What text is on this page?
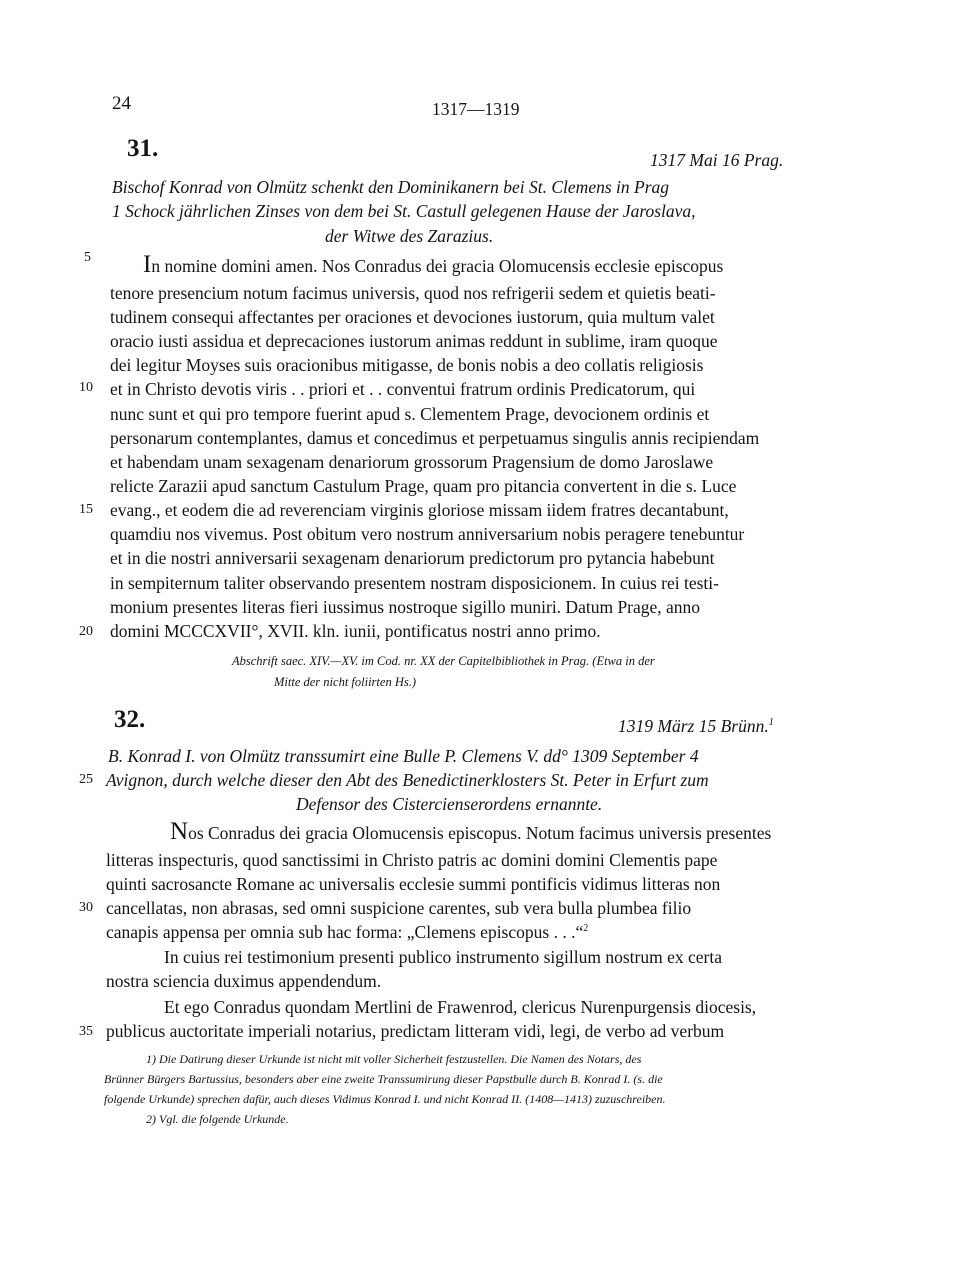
24	1317—1319
31.	1317 Mai 16 Prag.
Bischof Konrad von Olmütz schenkt den Dominikanern bei St. Clemens in Prag
1 Schock jährlichen Zinses von dem bei St. Castull gelegenen Hause der Jaroslava,
der Witwe des Zarazius.
In nomine domini amen. Nos Conradus dei gracia Olomucensis ecclesie episcopus
tenore presencium notum facimus universis, quod nos refrigerii sedem et quietis beati-
tudinem consequi affectantes per oraciones et devociones iustorum, quia multum valet
oracio iusti assidua et deprecaciones iustorum animas reddunt in sublime, iram quoque
dei legitur Moyses suis oracionibus mitigasse, de bonis nobis a deo collatis religiosis
et in Christo devotis viris . . priori et . . conventui fratrum ordinis Predicatorum, qui
nunc sunt et qui pro tempore fuerint apud s. Clementem Prage, devocionem ordinis et
personarum contemplantes, damus et concedimus et perpetuamus singulis annis recipiendam
et habendam unam sexagenam denariorum grossorum Pragensium de domo Jaroslawe
relicte Zarazii apud sanctum Castulum Prage, quam pro pitancia convertent in die s. Luce
evang., et eodem die ad reverenciam virginis gloriose missam iidem fratres decantabunt,
quamdiu nos vivemus. Post obitum vero nostrum anniversarium nobis peragere tenebuntur
et in die nostri anniversarii sexagenam denariorum predictorum pro pytancia habebunt
in sempiternum taliter observando presentem nostram disposicionem. In cuius rei testi-
monium presentes literas fieri iussimus nostroque sigillo muniri. Datum Prage, anno
domini MCCCXVII°, XVII. kln. iunii, pontificatus nostri anno primo.
Abschrift saec. XIV.—XV. im Cod. nr. XX der Capitelbibliothek in Prag. (Etwa in der
Mitte der nicht foliirten Hs.)
32.	1319 März 15 Brünn.$^1$
B. Konrad I. von Olmütz transsumirt eine Bulle P. Clemens V. dd° 1309 September 4
Avignon, durch welche dieser den Abt des Benedictinerklosters St. Peter in Erfurt zum
Defensor des Cistercienserordens ernannte.
Nos Conradus dei gracia Olomucensis episcopus. Notum facimus universis presentes
litteras inspecturis, quod sanctissimi in Christo patris ac domini domini Clementis pape
quinti sacrosancte Romane ac universalis ecclesie summi pontificis vidimus litteras non
cancellatas, non abrasas, sed omni suspicione carentes, sub vera bulla plumbea filio
canapis appensa per omnia sub hac forma: „Clemens episcopus . . .“$^2$
In cuius rei testimonium presenti publico instrumento sigillum nostrum ex certa
nostra sciencia duximus appendendum.
Et ego Conradus quondam Mertlini de Frawenrod, clericus Nurenpurgensis diocesis,
publicus auctoritate imperiali notarius, predictam litteram vidi, legi, de verbo ad verbum
5
10
15
20
25
30
35
1) Die Datirung dieser Urkunde ist nicht mit voller Sicherheit festzustellen. Die Namen des Notars, des
Brünner Bürgers Bartussius, besonders aber eine zweite Transsumirung dieser Papstbulle durch B. Konrad I. (s. die
folgende Urkunde) sprechen dafür, auch dieses Vidimus Konrad I. und nicht Konrad II. (1408—1413) zuzuschreiben.
2) Vgl. die folgende Urkunde.
